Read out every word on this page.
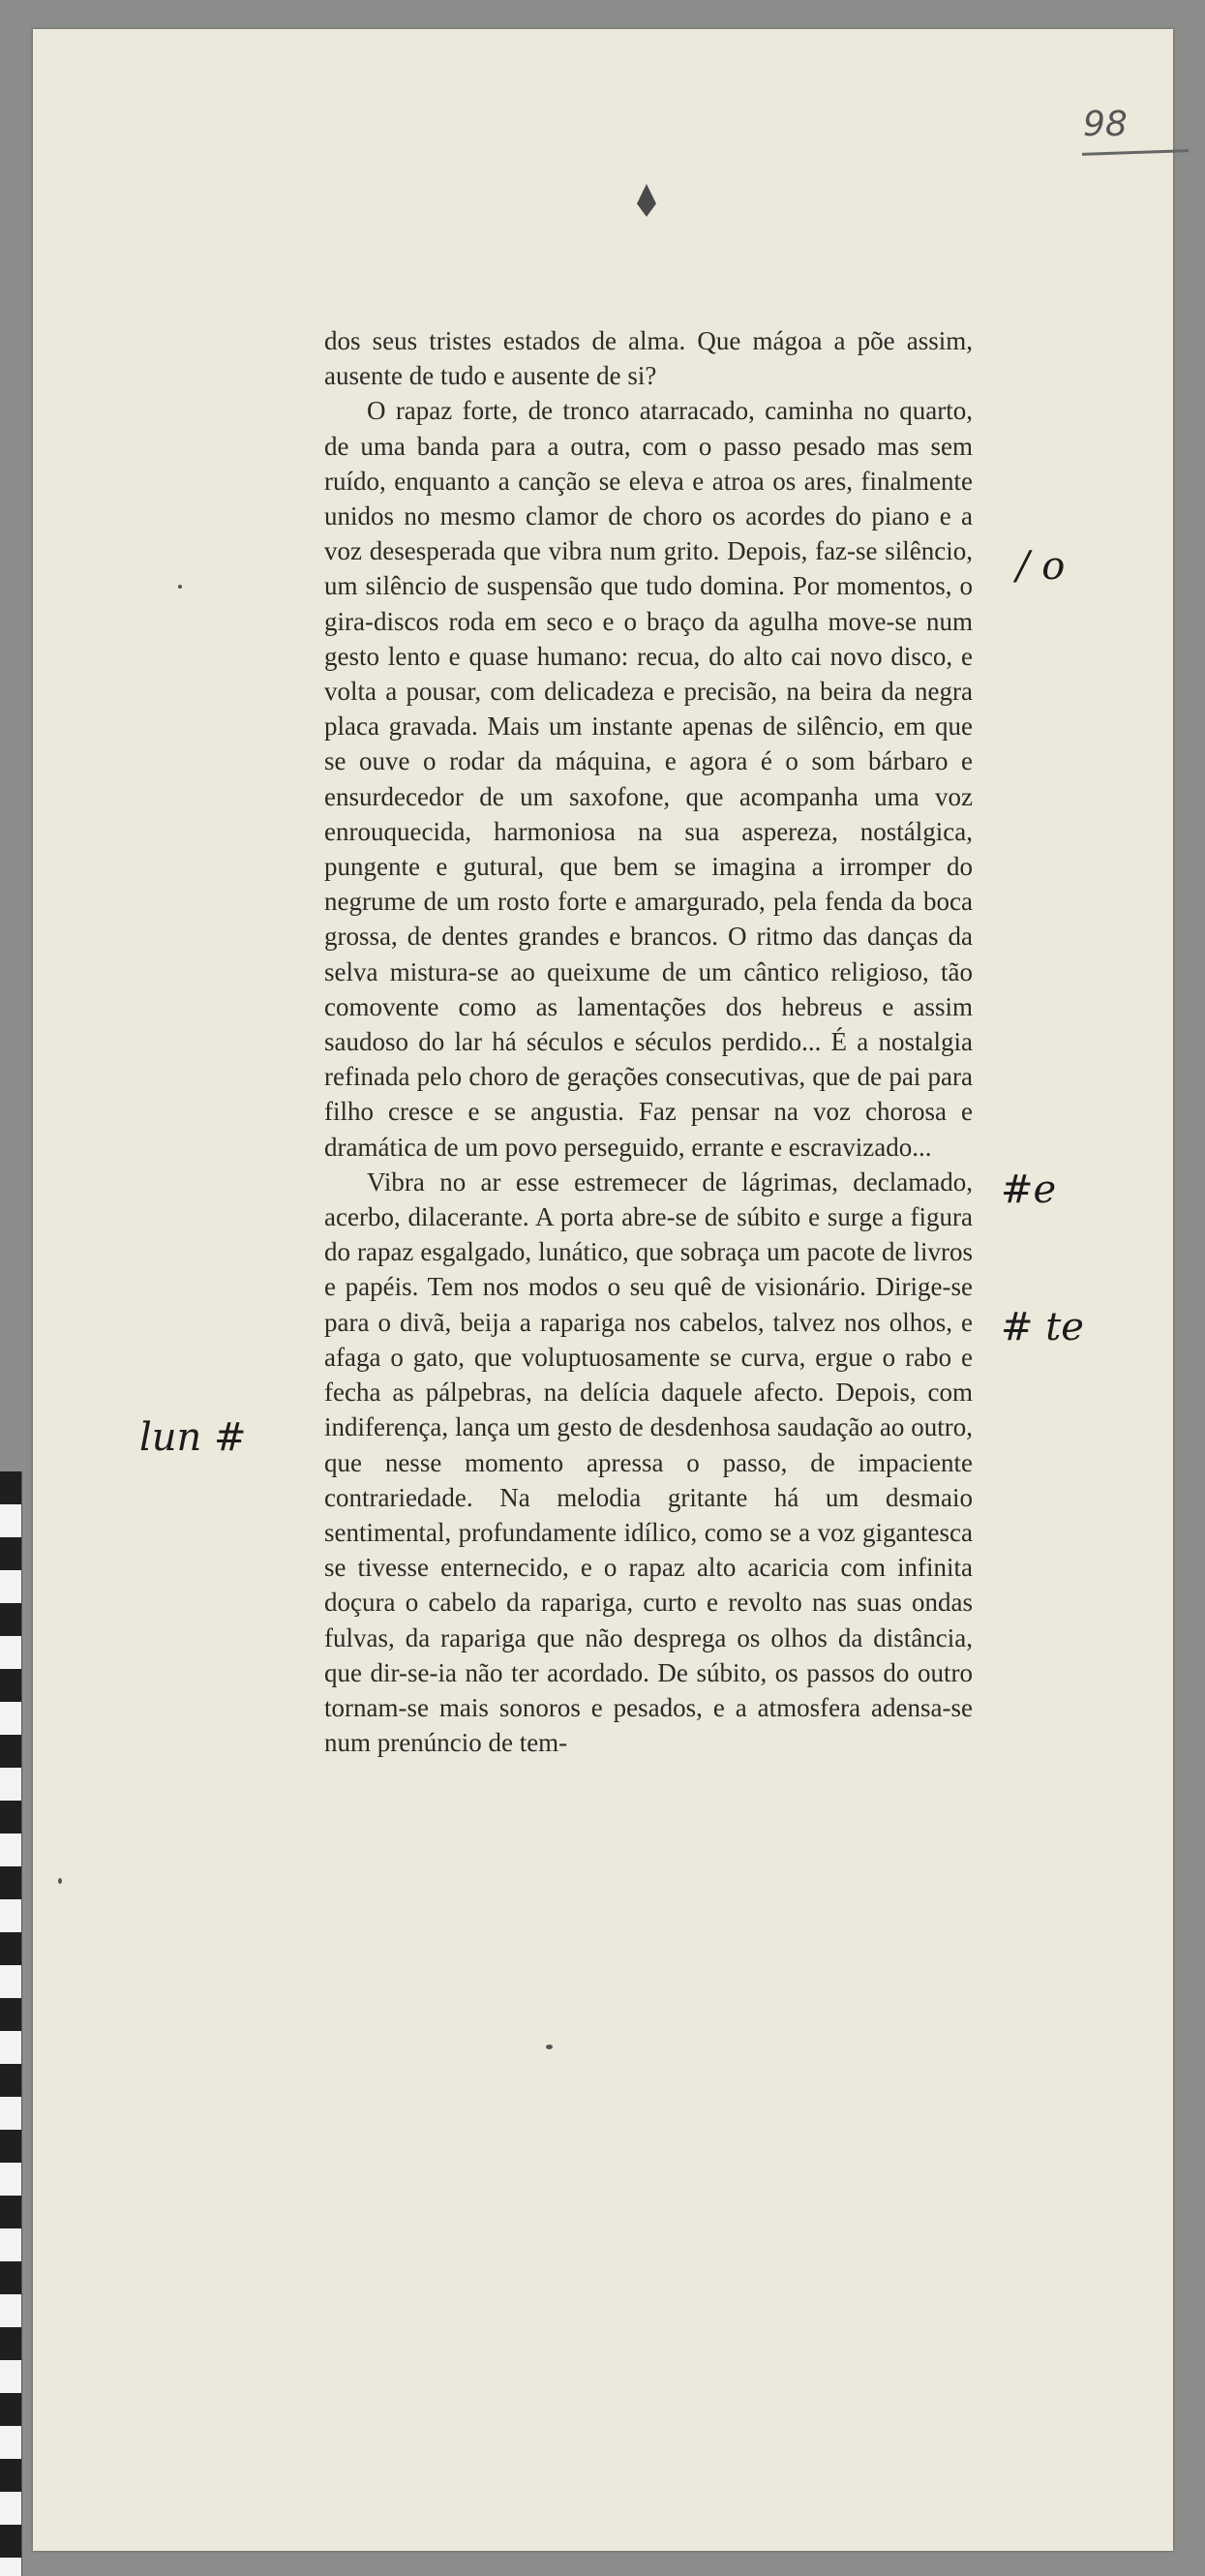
98

dos seus tristes estados de alma. Que mágoa a põe assim, ausente de tudo e ausente de si?

O rapaz forte, de tronco atarracado, caminha no quarto, de uma banda para a outra, com o passo pesado mas sem ruído, enquanto a canção se eleva e atroa os ares, finalmente unidos no mesmo clamor de choro os acordes do piano e a voz desesperada que vibra num grito. Depois, faz-se silêncio, um silêncio de suspensão que tudo domina. Por momentos, o gira-discos roda em seco e o braço da agulha move-se num gesto lento e quase humano: recua, do alto cai novo disco, e volta a pousar, com delicadeza e precisão, na beira da negra placa gravada. Mais um instante apenas de silêncio, em que se ouve o rodar da máquina, e agora é o som bárbaro e ensurdecedor de um saxofone, que acompanha uma voz enrouquecida, harmoniosa na sua aspereza, nostálgica, pungente e gutural, que bem se imagina a irromper do negrume de um rosto forte e amargurado, pela fenda da boca grossa, de dentes grandes e brancos. O ritmo das danças da selva mistura-se ao queixume de um cântico religioso, tão comovente como as lamentações dos hebreus e assim saudoso do lar há séculos e séculos perdido... É a nostalgia refinada pelo choro de gerações consecutivas, que de pai para filho cresce e se angustia. Faz pensar na voz chorosa e dramática de um povo perseguido, errante e escravizado...

Vibra no ar esse estremecer de lágrimas, declamado, acerbo, dilacerante. A porta abre-se de súbito e surge a figura do rapaz esgalgado, lunático, que sobraça um pacote de livros e papéis. Tem nos modos o seu quê de visionário. Dirige-se para o divã, beija a rapariga nos cabelos, talvez nos olhos, e afaga o gato, que voluptuosamente se curva, ergue o rabo e fecha as pálpebras, na delícia daquele afecto. Depois, com indiferença, lança um gesto de desdenhosa saudação ao outro, que nesse momento apressa o passo, de impaciente contrariedade. Na melodia gritante há um desmaio sentimental, profundamente idílico, como se a voz gigantesca se tivesse enternecido, e o rapaz alto acaricia com infinita doçura o cabelo da rapariga, curto e revolto nas suas ondas fulvas, da rapariga que não desprega os olhos da distância, que dir-se-ia não ter acordado. De súbito, os passos do outro tornam-se mais sonoros e pesados, e a atmosfera adensa-se num prenúncio de tem-

/ o
#e
# te
lun #
